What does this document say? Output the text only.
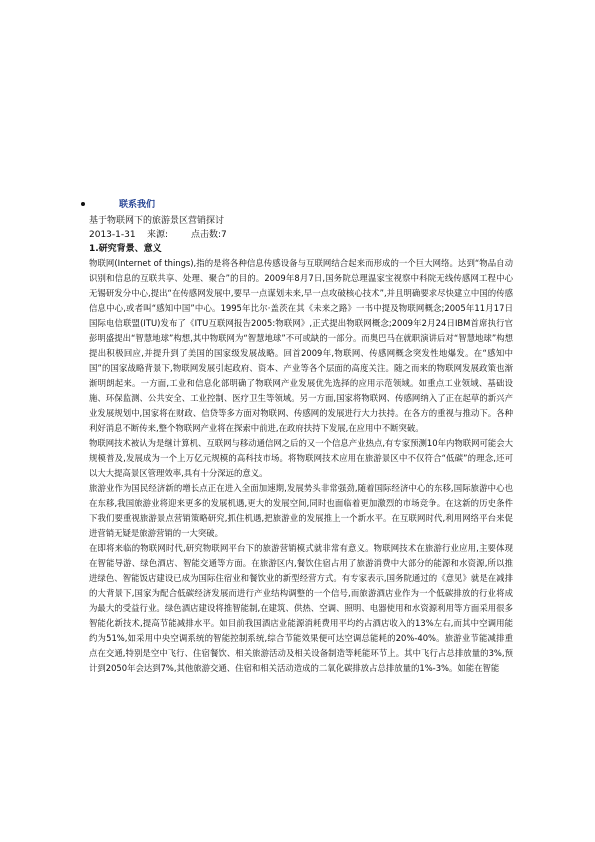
联系我们
基于物联网下的旅游景区营销探讨
2013-1-31 来源:	点击数:7
1.研究背景、意义

物联网(Internet of things),指的是将各种信息传感设备与互联网结合起来而形成的一个巨大网络。达到“物品自动识别和信息的互联共享、处理、聚合”的目的。2009年8月7日,国务院总理温家宝视察中科院无线传感网工程中心无锡研发分中心,提出“在传感网发展中,要早一点谋划未来,早一点攻破核心技术”,并且明确要求尽快建立中国的传感信息中心,或者叫“感知中国”中心。1995年比尔·盖茨在其《未来之路》一书中提及物联网概念;2005年11月17日国际电信联盟(ITU)发布了《ITU互联网报告2005:物联网》,正式提出物联网概念;2009年2月24日IBM首席执行官彭明盛提出“智慧地球”构想,其中物联网为“智慧地球”不可或缺的一部分。而奥巴马在就职演讲后对“智慧地球”构想提出积极回应,并提升到了美国的国家级发展战略。回首2009年,物联网、传感网概念突发性地爆发。在“感知中国”的国家战略背景下,物联网发展引起政府、资本、产业等各个层面的高度关注。随之而来的物联网发展政策也渐渐明朗起来。一方面,工业和信息化部明确了物联网产业发展优先选择的应用示范领域。如重点工业领域、基础设施、环保监测、公共安全、工业控制、医疗卫生等领域。另一方面,国家将物联网、传感网纳入了正在起草的新兴产业发展规划中,国家将在财政、信贷等多方面对物联网、传感网的发展进行大力扶持。在各方的重视与推动下。各种利好消息不断传来,整个物联网产业将在探索中前进,在政府扶持下发展,在应用中不断突破。

物联网技术被认为是继计算机、互联网与移动通信网之后的又一个信息产业热点,有专家预测10年内物联网可能会大规模普及,发展成为一个上万亿元规模的高科技市场。将物联网技术应用在旅游景区中不仅符合“低碳”的理念,还可以大大提高景区管理效率,具有十分深远的意义。

旅游业作为国民经济新的增长点正在进入全面加速期,发展势头非常强劲,随着国际经济中心的东移,国际旅游中心也在东移,我国旅游业将迎来更多的发展机遇,更大的发展空间,同时也面临着更加激烈的市场竞争。在这新的历史条件下我们要重视旅游景点营销策略研究,抓住机遇,把旅游业的发展推上一个新水平。在互联网时代,利用网络平台来促进营销无疑是旅游营销的一大突破。

在即将来临的物联网时代,研究物联网平台下的旅游营销模式就非常有意义。物联网技术在旅游行业应用,主要体现在智能导游、绿色酒店、智能交通等方面。在旅游区内,餐饮住宿占用了旅游消费中大部分的能源和水资源,所以推进绿色、智能饭店建设已成为国际住宿业和餐饮业的新型经营方式。有专家表示,国务院通过的《意见》就是在减排的大背景下,国家为配合低碳经济发展而进行产业结构调整的一个信号,而旅游酒店业作为一个低碳排放的行业将成为最大的受益行业。绿色酒店建设将推智能制,在建筑、供热、空调、照明、电器使用和水资源利用等方面采用很多智能化新技术,提高节能减排水平。如目前我国酒店业能源消耗费用平均约占酒店收入的13%左右,而其中空调用能约为51%,如采用中央空调系统的智能控制系统,综合节能效果便可达空调总能耗的20%-40%。旅游业节能减排重点在交通,特别是空中飞行、住宿餐饮、相关旅游活动及相关设备制造等耗能环节上。其中飞行占总排放量的3%,预计到2050年会达到7%,其他旅游交通、住宿和相关活动造成的二氧化碳排放占总排放量的1%-3%。如能在智能
